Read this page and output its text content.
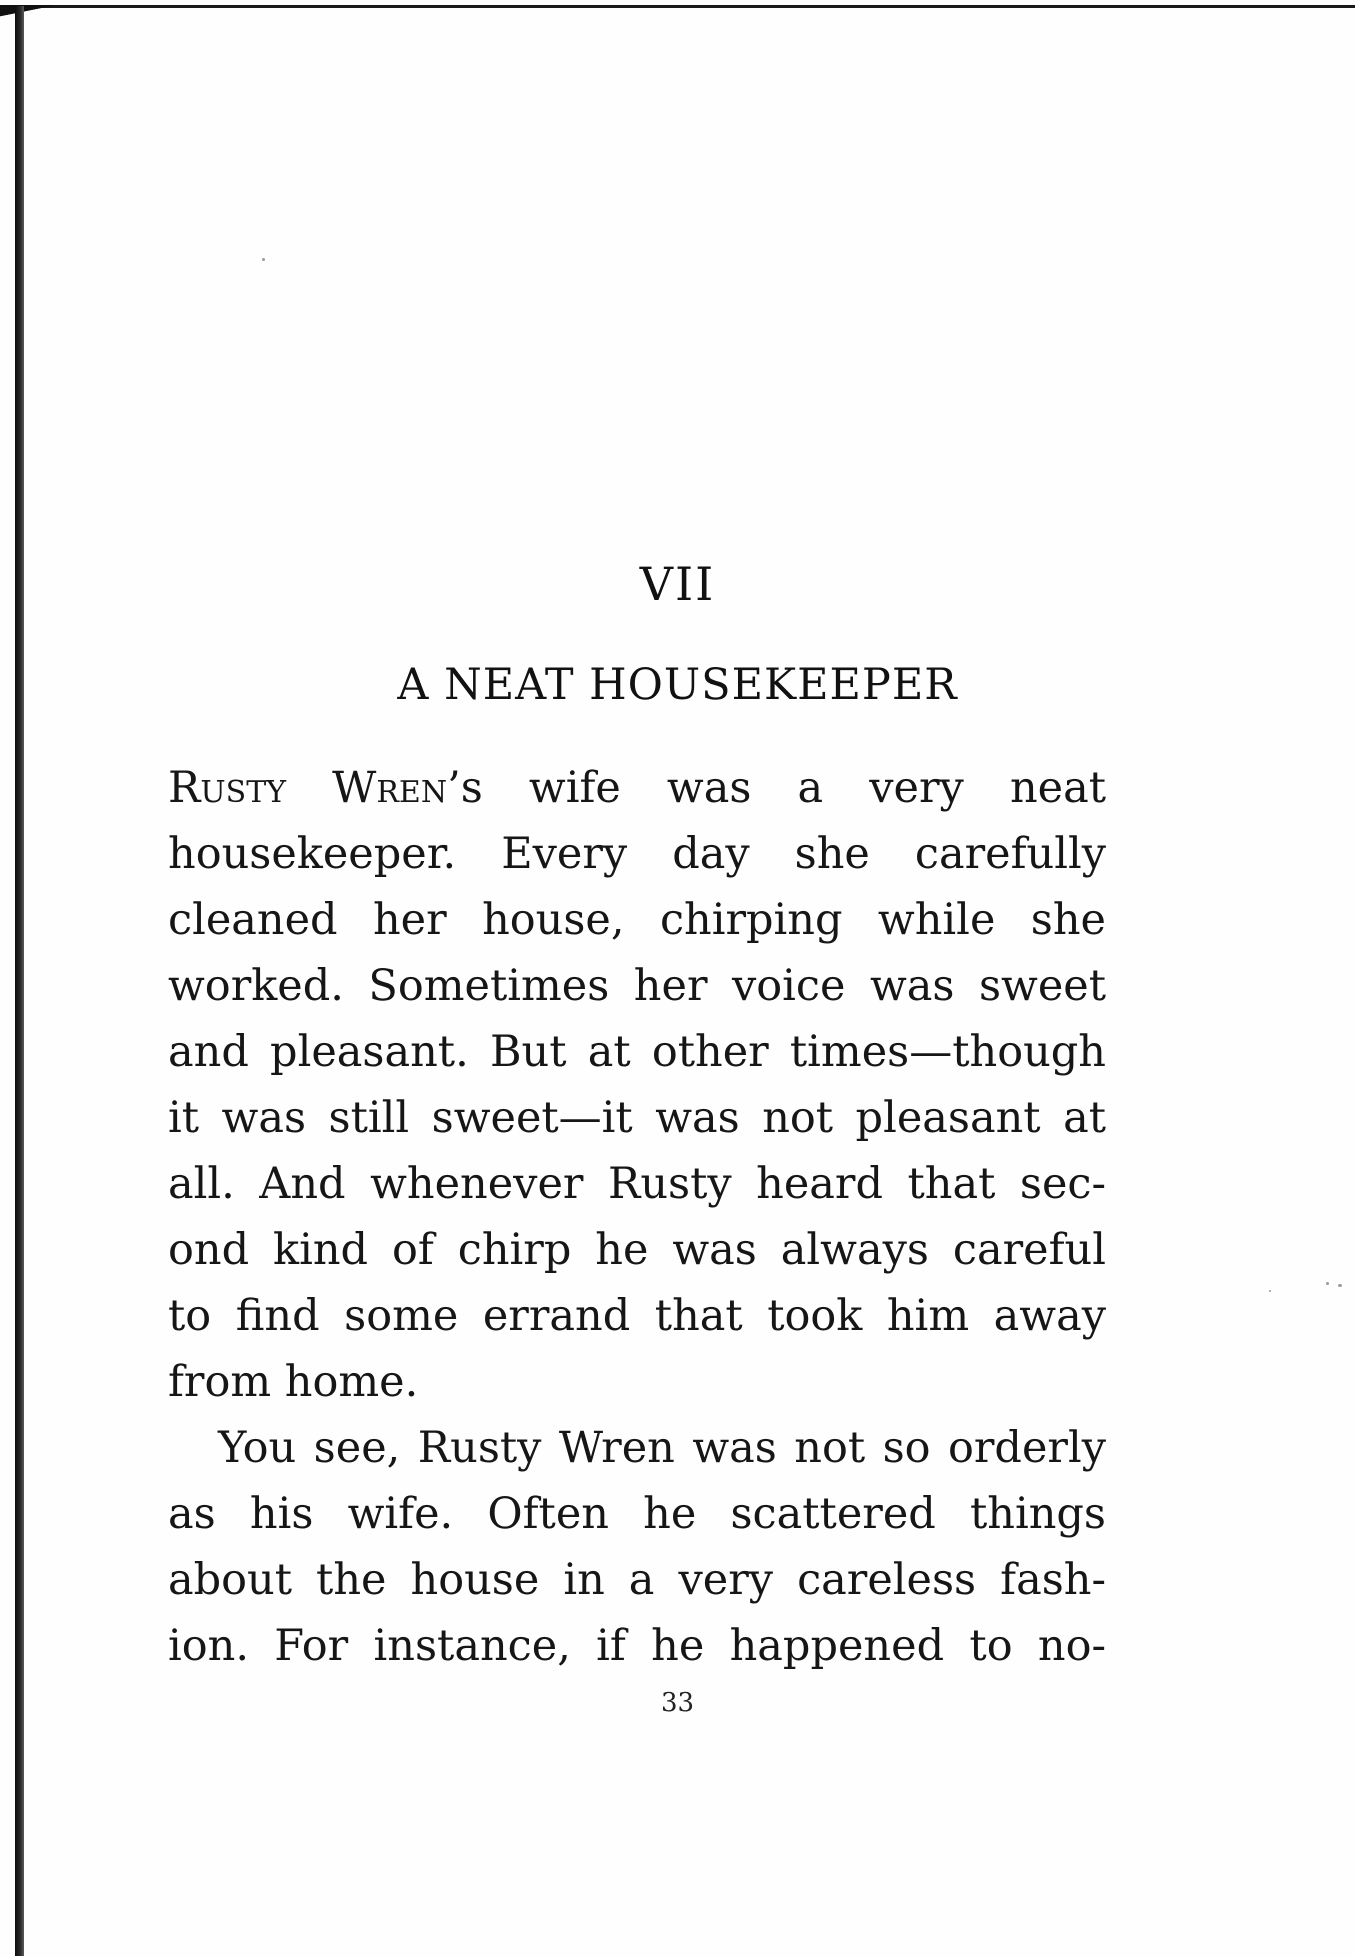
VII
A NEAT HOUSEKEEPER
Rusty Wren’s wife was a very neat
housekeeper. Every day she carefully
cleaned her house, chirping while she
worked. Sometimes her voice was sweet
and pleasant. But at other times—though
it was still sweet—it was not pleasant at
all. And whenever Rusty heard that sec-
ond kind of chirp he was always careful
to find some errand that took him away
from home.
You see, Rusty Wren was not so orderly
as his wife. Often he scattered things
about the house in a very careless fash-
ion. For instance, if he happened to no-
33
